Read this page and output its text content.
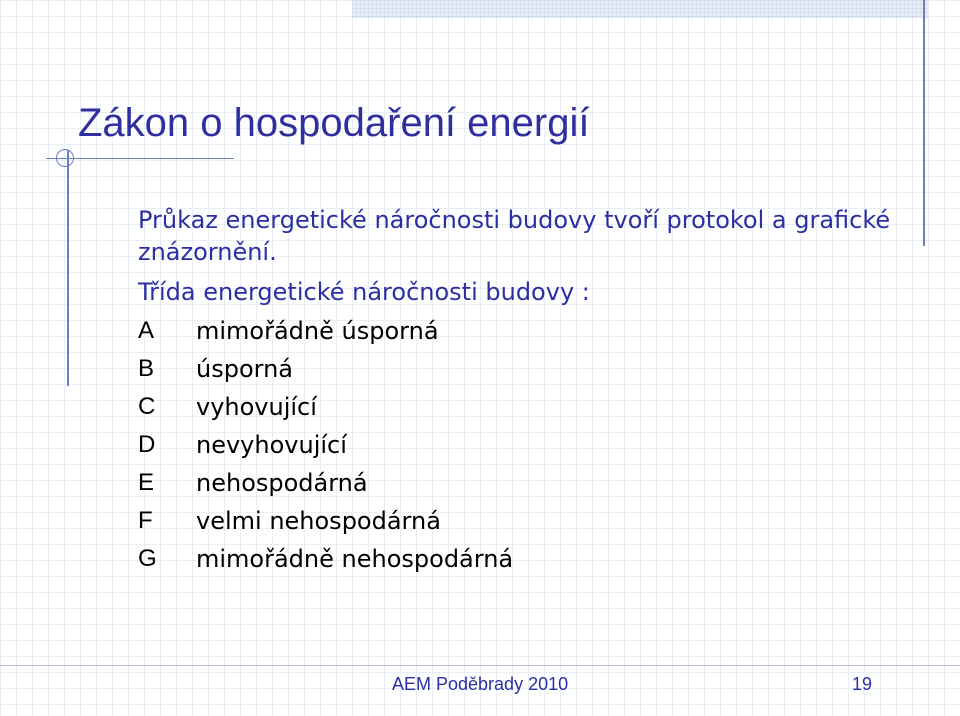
Zákon o hospodaření energií

Průkaz energetické náročnosti budovy tvoří protokol a grafické znázornění.

Třída energetické náročnosti budovy :

A	mimořádně úsporná
B	úsporná
C	vyhovující
D	nevyhovující
E	nehospodárná
F	velmi nehospodárná
G	mimořádně nehospodárná
AEM Poděbrady 2010	19
